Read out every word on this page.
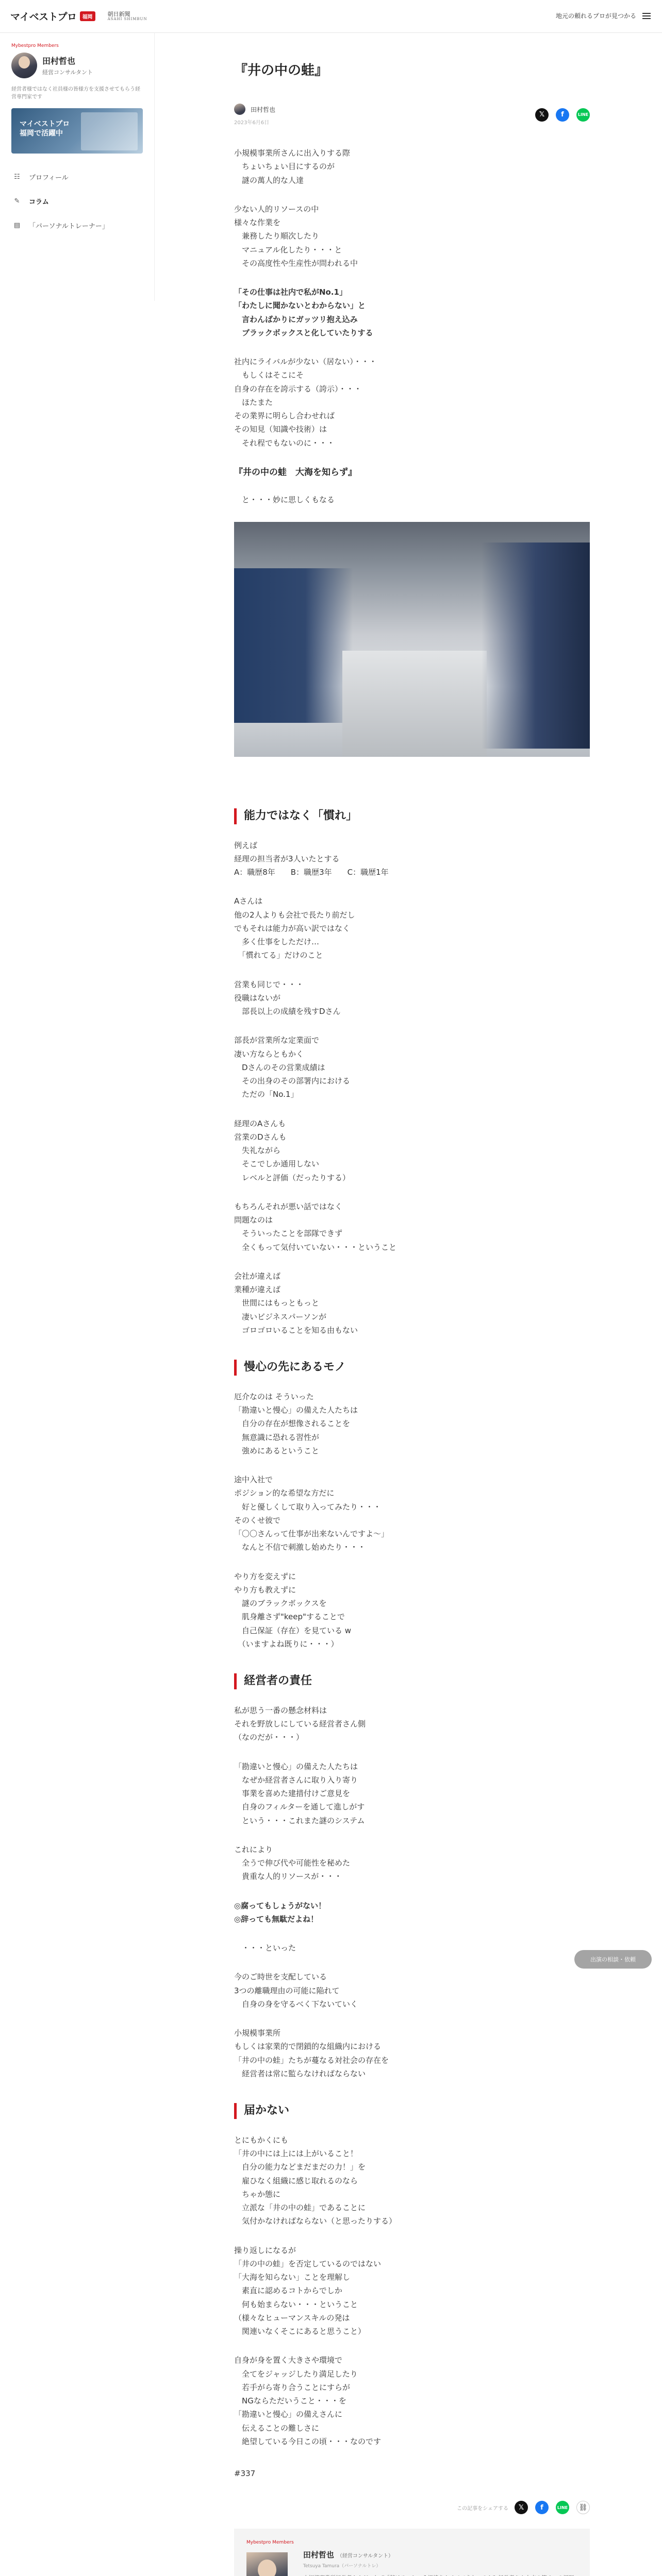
マイベストプロ	福岡	朝日新聞
ASAHI SHIMBUN	地元の頼れるプロが見つかる
Mybestpro Members
田村哲也
経営コンサルタント
経営者様ではなく社員様の皆様方を支援させてもらう経営専門家です
マイベストプロ
福岡で活躍中
☷ プロフィール
✎ コラム
▤ 「パーソナルトレーナー」
『井の中の蛙』
田村哲也
2023年6月6日
𝕏	f	LINE

小規模事業所さんに出入りする際
　ちょいちょい目にするのが
　謎の萬人的な人達

少ない人的リソースの中
様々な作業を
　兼務したり順次したり
　マニュアル化したり・・・と
　その高度性や生産性が問われる中

「その仕事は社内で私がNo.1」
「わたしに聞かないとわからない」と
　言わんばかりにガッツリ抱え込み
　ブラックボックスと化していたりする

社内にライバルが少ない（居ない）・・・
　もしくはそこにそ
自身の存在を誇示する（誇示）・・・
　ほたまた
その業界に明らし合わせれば
その知見（知識や技術）は
　それ程でもないのに・・・

『井の中の蛙　大海を知らず』

と・・・妙に思しくもなる

能力ではなく「慣れ」

例えば
経理の担当者が3人いたとする
A：職歴8年　　B：職歴3年　　C：職歴1年

Aさんは
他の2人よりも会社で長たり前だし
でもそれは能力が高い訳ではなく
　多く仕事をしただけ…
　「慣れてる」だけのこと

営業も同じで・・・
役職はないが
　部長以上の成績を残すDさん

部長が営業所な定業面で
凄い方ならともかく
　Dさんのその営業成績は
　その出身のその部署内における
　ただの「No.1」

経理のAさんも
営業のDさんも
　失礼ながら
　そこでしか通用しない
　レベルと評価（だったりする）

もちろんそれが悪い話ではなく
問題なのは
　そういったことを部隊できず
　全くもって気付いていない・・・ということ

会社が違えば
業種が違えば
　世間にはもっともっと
　凄いビジネスパーソンが
　ゴロゴロいることを知る由もない

慢心の先にあるモノ

厄介なのは そういった
「勘違いと慢心」の備えた人たちは
　自分の存在が想像されることを
　無意識に恐れる習性が
　強めにあるということ

途中入社で
ポジション的な希望な方だに
　好と優しくして取り入ってみたり・・・
そのくせ彼で
「〇〇さんって仕事が出来ないんですよ〜」
　なんと不信で刺激し始めたり・・・

やり方を変えずに
やり方も教えずに
　謎のブラックボックスを
　肌身離さず"keep"することで
　自己保証（存在）を見ている w
　（いますよね既りに・・・）

経営者の責任

私が思う一番の懸念材料は
それを野放しにしている経営者さん側
（なのだが・・・）

「勘違いと慢心」の備えた人たちは
　なぜか経営者さんに取り入り寄り
　事業を喜めた建措付けご意見を
　自身のフィルターを通して進しがす
　という・・・これまた謎のシステム

これにより
　全うで伸び代や可能性を秘めた
　貴重な人的リソースが・・・

◎腐ってもしょうがない！
◎辞っても無駄だよね！

・・・といった

今のご時世を支配している
3つの離職理由の可能に陥れて
　自身の身を守るべく下ないていく

小規模事業所
もしくは家業的で閉鎖的な組織内における
「井の中の蛙」たちが蔓なる対社会の存在を
　経営者は常に監らなければならない

届かない

とにもかくにも
「井の中には上には上がいること！
　自分の能力などまだまだの力！」を
　雇ひなく組織に感じ取れるのなら
　ちゃか態に
　立派な「井の中の蛙」であることに
　気付かなければならない（と思ったりする）

操り返しになるが
「井の中の蛙」を否定しているのではない
「大海を知らない」ことを理解し
　素直に認めるコトからでしか
　何も始まらない・・・ということ
（様々なヒューマンスキルの発は
　関連いなくそこにあると思うこと）

自身が身を置く大きさや環境で
　全てをジャッジしたり満足したり
　若手がら寄り合うことにすらが
　NGならただいうこと・・・を
「勘違いと慢心」の備えさんに
　伝えることの難しさに
　絶望している今日この頃・・・なのです

#337
この記事をシェアする	𝕏	f	LINE	⛓
Mybestpro Members
田村哲也 （経営コンサルタント）
Tetsuya Tamura（パーソナルトレ）
出演の相談・依頼
